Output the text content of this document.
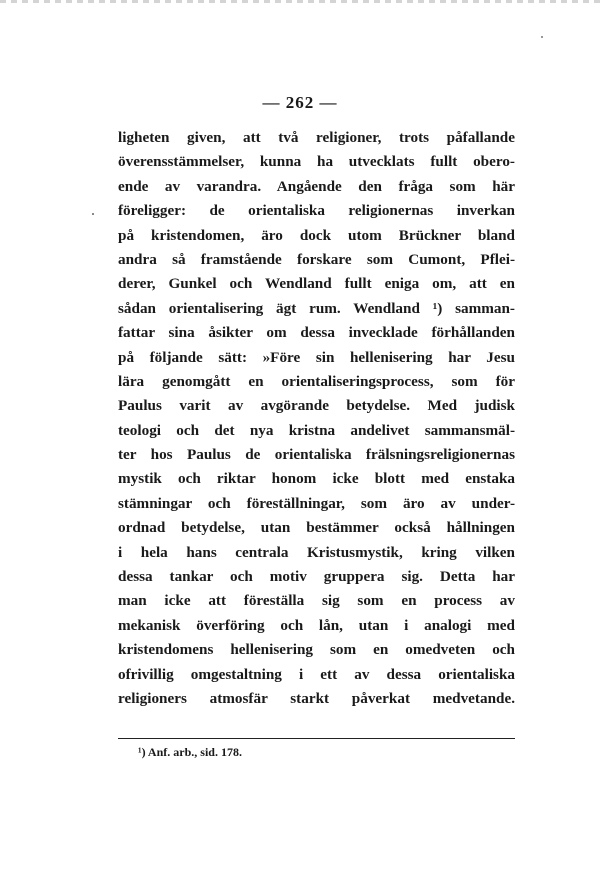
— 262 —
ligheten given, att två religioner, trots påfallande
överensstämmelser, kunna ha utvecklats fullt obero-
ende av varandra. Angående den fråga som här
föreligger: de orientaliska religionernas inverkan
på kristendomen, äro dock utom Brückner bland
andra så framstående forskare som Cumont, Pflei-
derer, Gunkel och Wendland fullt eniga om, att en
sådan orientalisering ägt rum. Wendland ¹) samman-
fattar sina åsikter om dessa invecklade förhållanden
på följande sätt: »Före sin hellenisering har Jesu
lära genomgått en orientaliseringsprocess, som för
Paulus varit av avgörande betydelse. Med judisk
teologi och det nya kristna andelivet sammansmäl-
ter hos Paulus de orientaliska frälsningsreligionernas
mystik och riktar honom icke blott med enstaka
stämningar och föreställningar, som äro av under-
ordnad betydelse, utan bestämmer också hållningen
i hela hans centrala Kristusmystik, kring vilken
dessa tankar och motiv gruppera sig. Detta har
man icke att föreställa sig som en process av
mekanisk överföring och lån, utan i analogi med
kristendomens hellenisering som en omedveten och
ofrivillig omgestaltning i ett av dessa orientaliska
religioners atmosfär starkt påverkat medvetande.
¹) Anf. arb., sid. 178.
